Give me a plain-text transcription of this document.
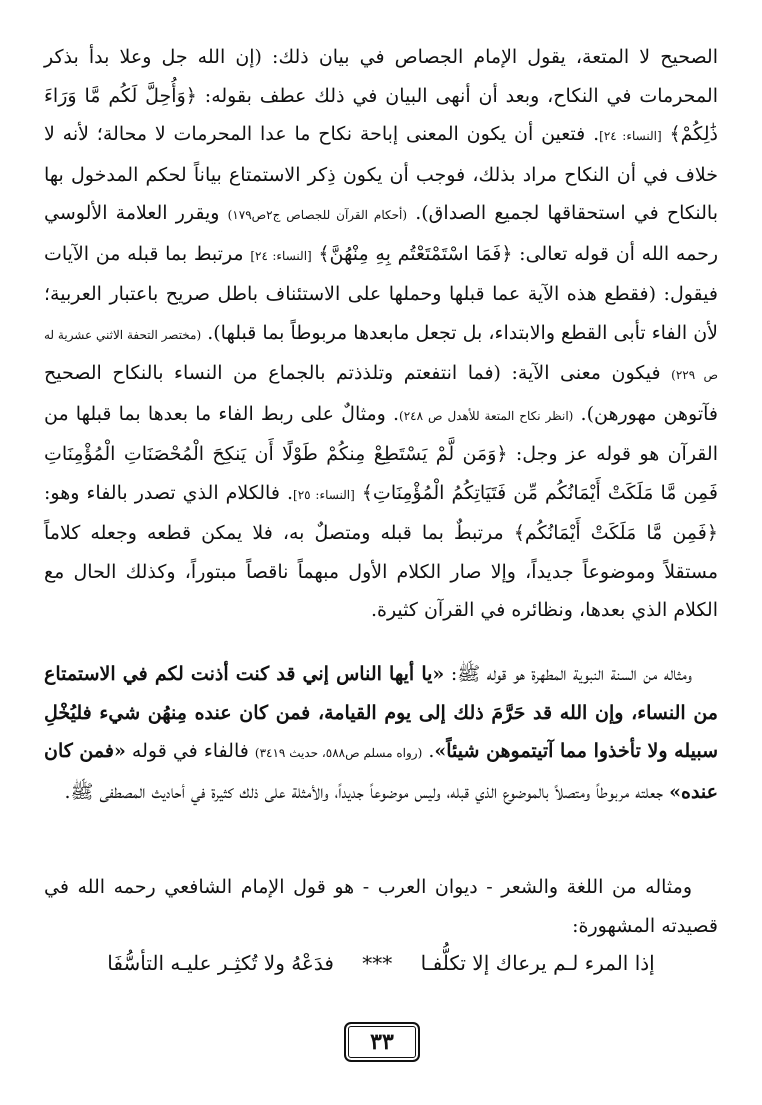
الصحيح لا المتعة، يقول الإمام الجصاص في بيان ذلك: (إن الله جل وعلا بدأ بذكر المحرمات في النكاح، وبعد أن أنهى البيان في ذلك عطف بقوله: ﴿وَأُحِلَّ لَكُم مَّا وَرَاءَ ذَٰلِكُمْ﴾ [النساء: ٢٤]. فتعين أن يكون المعنى إباحة نكاح ما عدا المحرمات لا محالة؛ لأنه لا خلاف في أن النكاح مراد بذلك، فوجب أن يكون ذِكر الاستمتاع بياناً لحكم المدخول بها بالنكاح في استحقاقها لجميع الصداق). (أحكام القرآن للجصاص ج٢ص١٧٩) ويقرر العلامة الألوسي رحمه الله أن قوله تعالى: ﴿فَمَا اسْتَمْتَعْتُم بِهِ مِنْهُنَّ﴾ [النساء: ٢٤] مرتبط بما قبله من الآيات فيقول: (فقطع هذه الآية عما قبلها وحملها على الاستئناف باطل صريح باعتبار العربية؛ لأن الفاء تأبى القطع والابتداء، بل تجعل مابعدها مربوطاً بما قبلها). (مختصر التحفة الاثني عشرية له ص ٢٢٩) فيكون معنى الآية: (فما انتفعتم وتلذذتم بالجماع من النساء بالنكاح الصحيح فآتوهن مهورهن). (انظر نكاح المتعة للأهدل ص ٢٤٨). ومثالٌ على ربط الفاء ما بعدها بما قبلها من القرآن هو قوله عز وجل: ﴿وَمَن لَّمْ يَسْتَطِعْ مِنكُمْ طَوْلًا أَن يَنكِحَ الْمُحْصَنَاتِ الْمُؤْمِنَاتِ فَمِن مَّا مَلَكَتْ أَيْمَانُكُم مِّن فَتَيَاتِكُمُ الْمُؤْمِنَاتِ﴾ [النساء: ٢٥]. فالكلام الذي تصدر بالفاء وهو: ﴿فَمِن مَّا مَلَكَتْ أَيْمَانُكُم﴾ مرتبطٌ بما قبله ومتصلٌ به، فلا يمكن قطعه وجعله كلاماً مستقلاً وموضوعاً جديداً، وإلا صار الكلام الأول مبهماً ناقصاً مبتوراً، وكذلك الحال مع الكلام الذي بعدها، ونظائره في القرآن كثيرة.

ومثاله من السنة النبوية المطهرة هو قوله ﷺ: «يا أيها الناس إني قد كنت أذنت لكم في الاستمتاع من النساء، وإن الله قد حَرَّمَ ذلك إلى يوم القيامة، فمن كان عنده مِنهُن شيء فليُخْلِ سبيله ولا تأخذوا مما آتيتموهن شيئاً». (رواه مسلم ص٥٨٨، حديث ٣٤١٩) فالفاء في قوله «فمن كان عنده» جعلته مربوطاً ومتصلاً بالموضوع الذي قبله، وليس موضوعاً جديداً، والأمثلة على ذلك كثيرة في أحاديث المصطفى ﷺ.

ومثاله من اللغة والشعر - ديوان العرب - هو قول الإمام الشافعي رحمه الله في قصيدته المشهورة:

إذا المرء لـم يرعاك إلا تكلُّفـا *** فدَعْهُ ولا تُكثِـر عليـه التأسُّفَا
٣٣
